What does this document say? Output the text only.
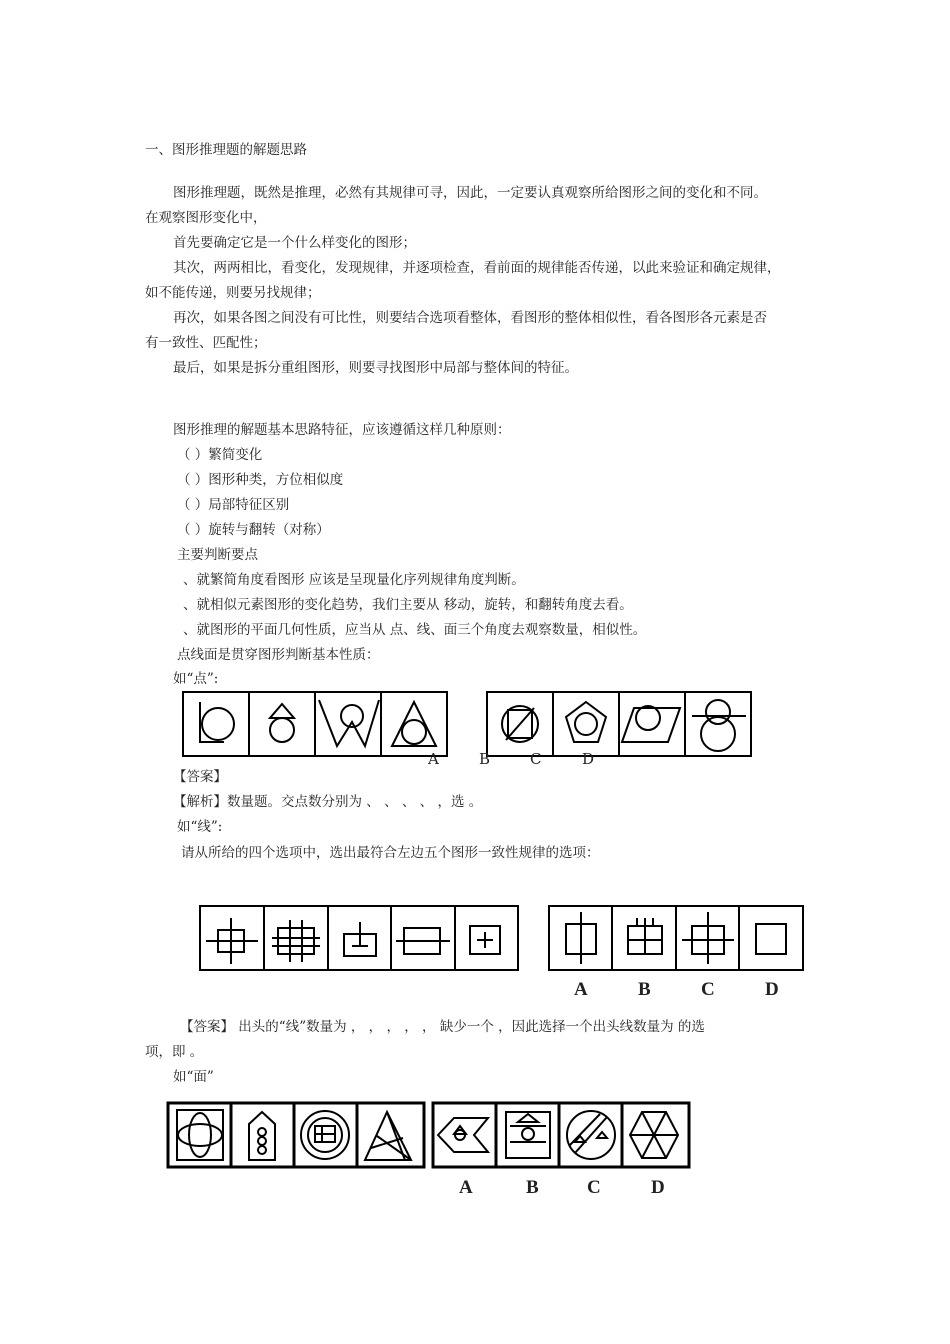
一、图形推理题的解题思路
图形推理题，既然是推理，必然有其规律可寻，因此，一定要认真观察所给图形之间的变化和不同。
在观察图形变化中，
首先要确定它是一个什么样变化的图形；
其次，两两相比，看变化，发现规律，并逐项检查，看前面的规律能否传递，以此来验证和确定规律，
如不能传递，则要另找规律；
再次，如果各图之间没有可比性，则要结合选项看整体，看图形的整体相似性，看各图形各元素是否
有一致性、匹配性；
最后，如果是拆分重组图形，则要寻找图形中局部与整体间的特征。
图形推理的解题基本思路特征，应该遵循这样几种原则：
（ ）繁简变化
（ ）图形种类，方位相似度
（ ）局部特征区别
（ ）旋转与翻转（对称）
主要判断要点
、就繁简角度看图形 应该是呈现量化序列规律角度判断。
、就相似元素图形的变化趋势，我们主要从 移动，旋转，和翻转角度去看。
、就图形的平面几何性质，应当从 点、线、面三个角度去观察数量，相似性。
点线面是贯穿图形判断基本性质：
如“点”:
A	B	C	D
【答案】
【解析】数量题。交点数分别为 、 、 、 、 ，选 。
如“线”:
请从所给的四个选项中，选出最符合左边五个图形一致性规律的选项：
A	B	C	D
【答案】 出头的“线”数量为 ， ， ， ， ， 缺少一个 ，因此选择一个出头线数量为 的选
项，即 。
如“面”
A	B	C	D
